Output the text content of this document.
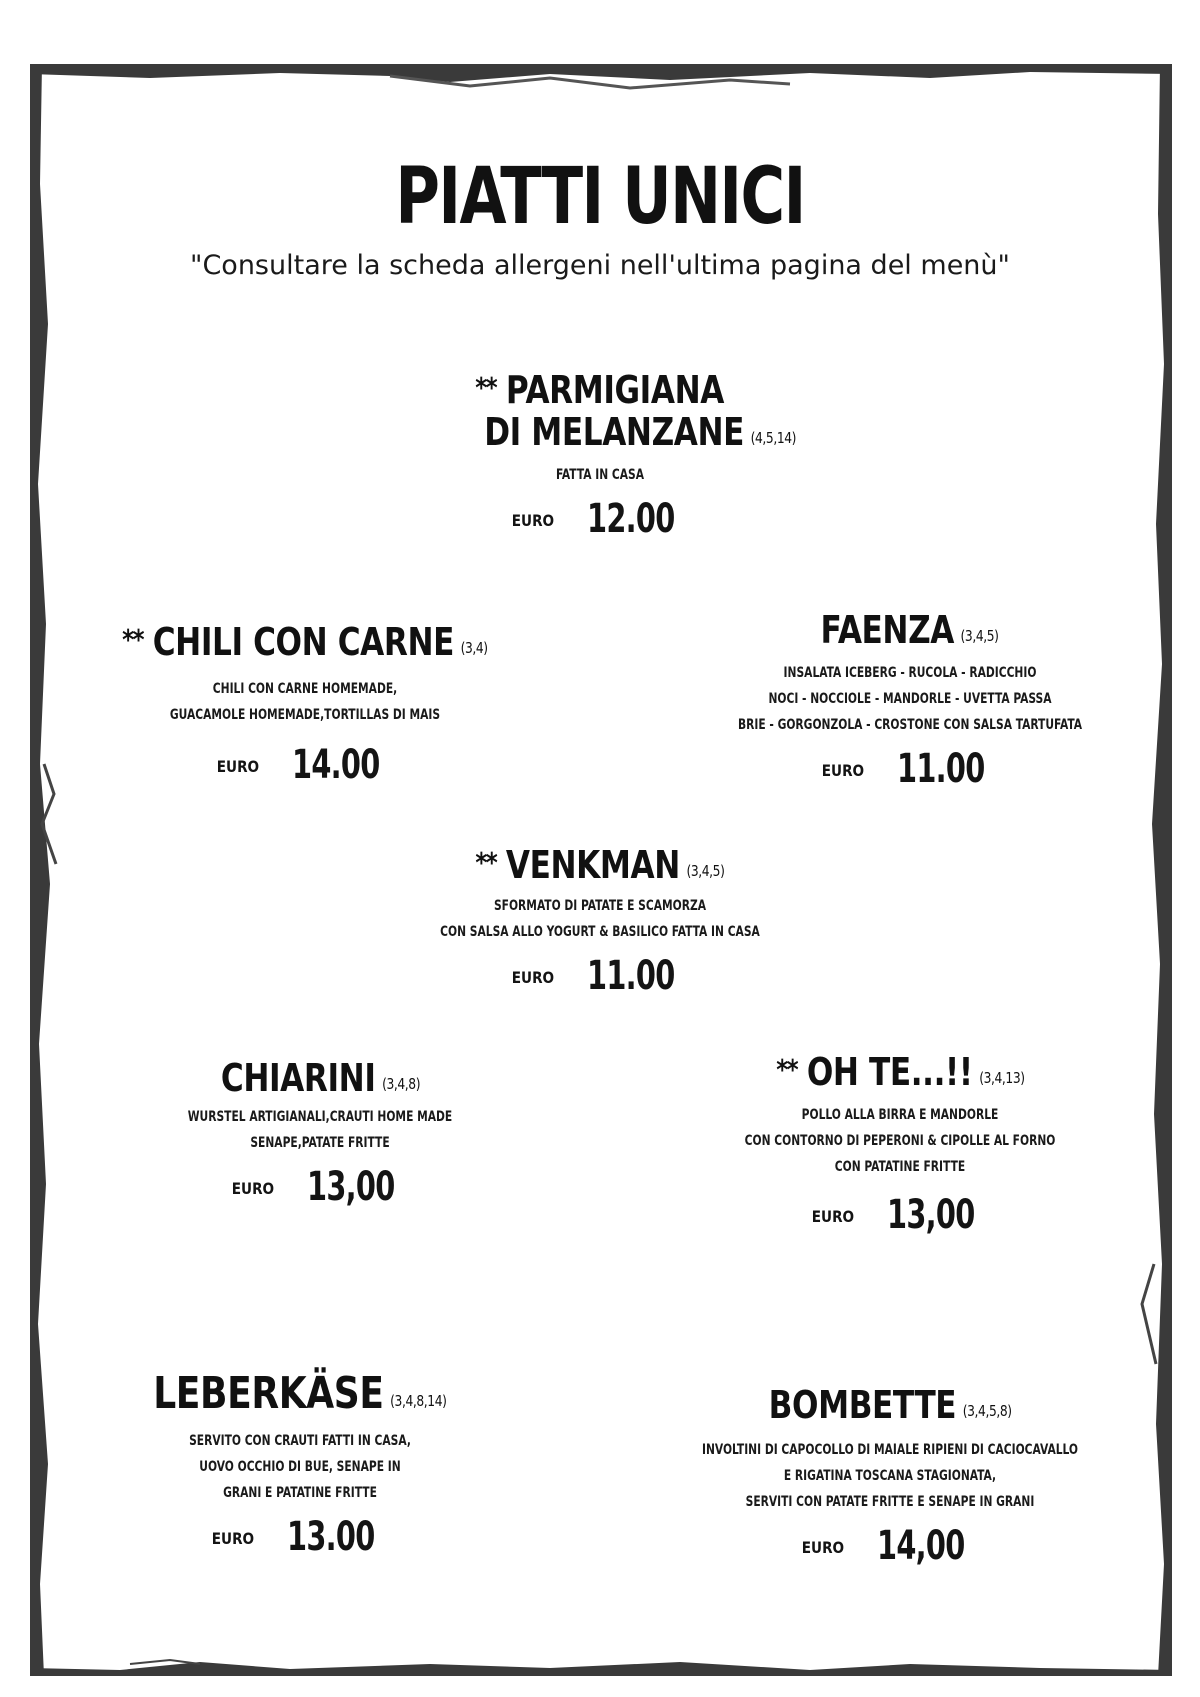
PIATTI UNICI
"Consultare la scheda allergeni nell'ultima pagina del menù"
** PARMIGIANA
DI MELANZANE (4,5,14)
FATTA IN CASA
EURO 12.00
** CHILI CON CARNE (3,4)
CHILI CON CARNE HOMEMADE,
GUACAMOLE HOMEMADE,TORTILLAS DI MAIS
EURO 14.00
FAENZA (3,4,5)
INSALATA ICEBERG - RUCOLA - RADICCHIO
NOCI - NOCCIOLE - MANDORLE - UVETTA PASSA
BRIE - GORGONZOLA - CROSTONE CON SALSA TARTUFATA
EURO 11.00
** VENKMAN (3,4,5)
SFORMATO DI PATATE E SCAMORZA
CON SALSA ALLO YOGURT & BASILICO FATTA IN CASA
EURO 11.00
CHIARINI (3,4,8)
WURSTEL ARTIGIANALI,CRAUTI HOME MADE
SENAPE,PATATE FRITTE
EURO 13,00
** OH TE...!! (3,4,13)
POLLO ALLA BIRRA E MANDORLE
CON CONTORNO DI PEPERONI & CIPOLLE AL FORNO
CON PATATINE FRITTE
EURO 13,00
LEBERKÄSE (3,4,8,14)
SERVITO CON CRAUTI FATTI IN CASA,
UOVO OCCHIO DI BUE, SENAPE IN
GRANI E PATATINE FRITTE
EURO 13.00
BOMBETTE (3,4,5,8)
INVOLTINI DI CAPOCOLLO DI MAIALE RIPIENI DI CACIOCAVALLO
E RIGATINA TOSCANA STAGIONATA,
SERVITI CON PATATE FRITTE E SENAPE IN GRANI
EURO 14,00
